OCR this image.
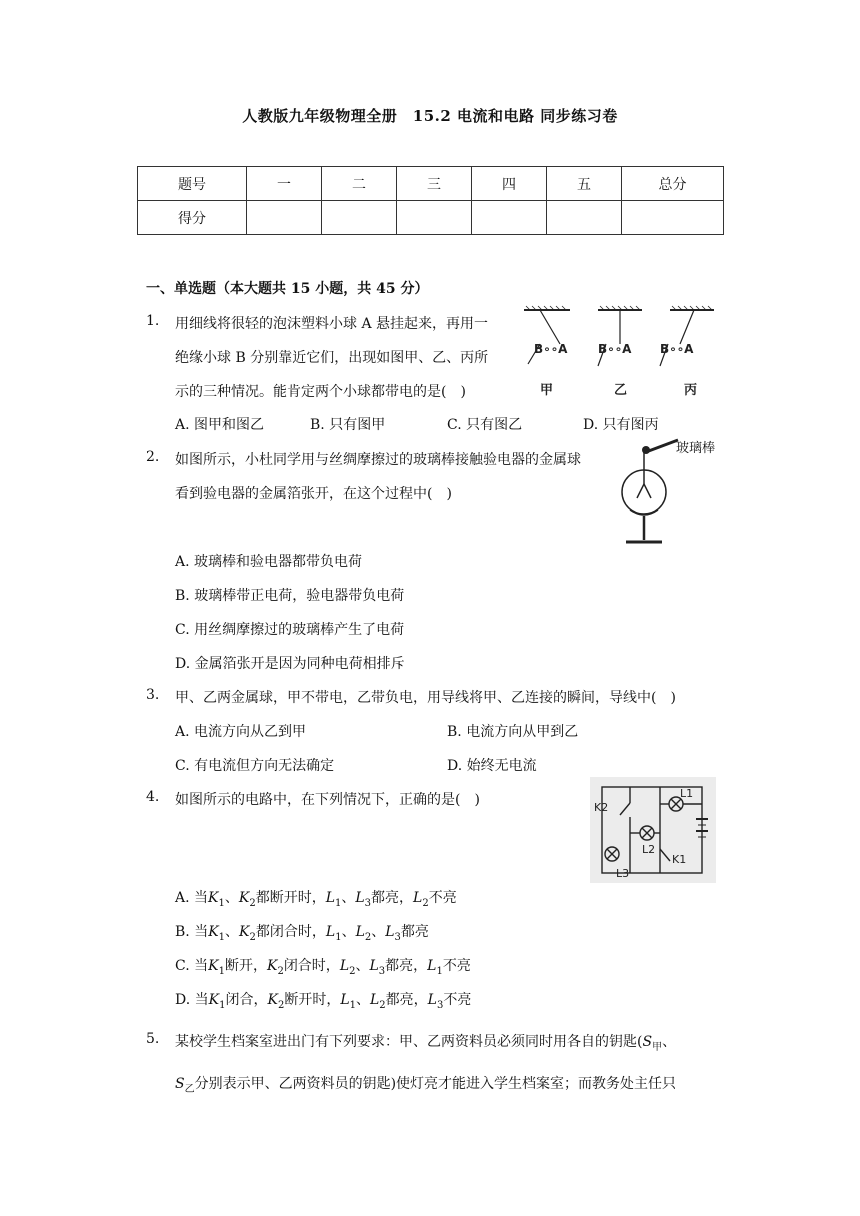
人教版九年级物理全册　15.2 电流和电路 同步练习卷
题号	一	二	三	四	五	总分
得分						
一、单选题（本大题共 15 小题，共 45 分）
1. 用细线将很轻的泡沫塑料小球 A 悬挂起来，再用一
绝缘小球 B 分别靠近它们，出现如图甲、乙、丙所
示的三种情况。能肯定两个小球都带电的是(　)
B∘∘A	B∘∘A B∘∘A
甲	乙	丙
A. 图甲和图乙	B. 只有图甲	C. 只有图乙	D. 只有图丙
2. 如图所示，小杜同学用与丝绸摩擦过的玻璃棒接触验电器的金属球
看到验电器的金属箔张开，在这个过程中(　)
玻璃棒
A. 玻璃棒和验电器都带负电荷
B. 玻璃棒带正电荷，验电器带负电荷
C. 用丝绸摩擦过的玻璃棒产生了电荷
D. 金属箔张开是因为同种电荷相排斥
3. 甲、乙两金属球，甲不带电，乙带负电，用导线将甲、乙连接的瞬间，导线中(　)
A. 电流方向从乙到甲	B. 电流方向从甲到乙
C. 有电流但方向无法确定	D. 始终无电流
4. 如图所示的电路中，在下列情况下，正确的是(　)	K2
L1
L2
L3
K1
A. 当$K_1$、$K_2$都断开时，$L_1$、$L_3$都亮，$L_2$不亮
B. 当$K_1$、$K_2$都闭合时，$L_1$、$L_2$、$L_3$都亮
C. 当$K_1$断开，$K_2$闭合时，$L_2$、$L_3$都亮，$L_1$不亮
D. 当$K_1$闭合，$K_2$断开时，$L_1$、$L_2$都亮，$L_3$不亮
5. 某校学生档案室进出门有下列要求：甲、乙两资料员必须同时用各自的钥匙($S_甲$、
$S_乙$分别表示甲、乙两资料员的钥匙)使灯亮才能进入学生档案室；而教务处主任只
